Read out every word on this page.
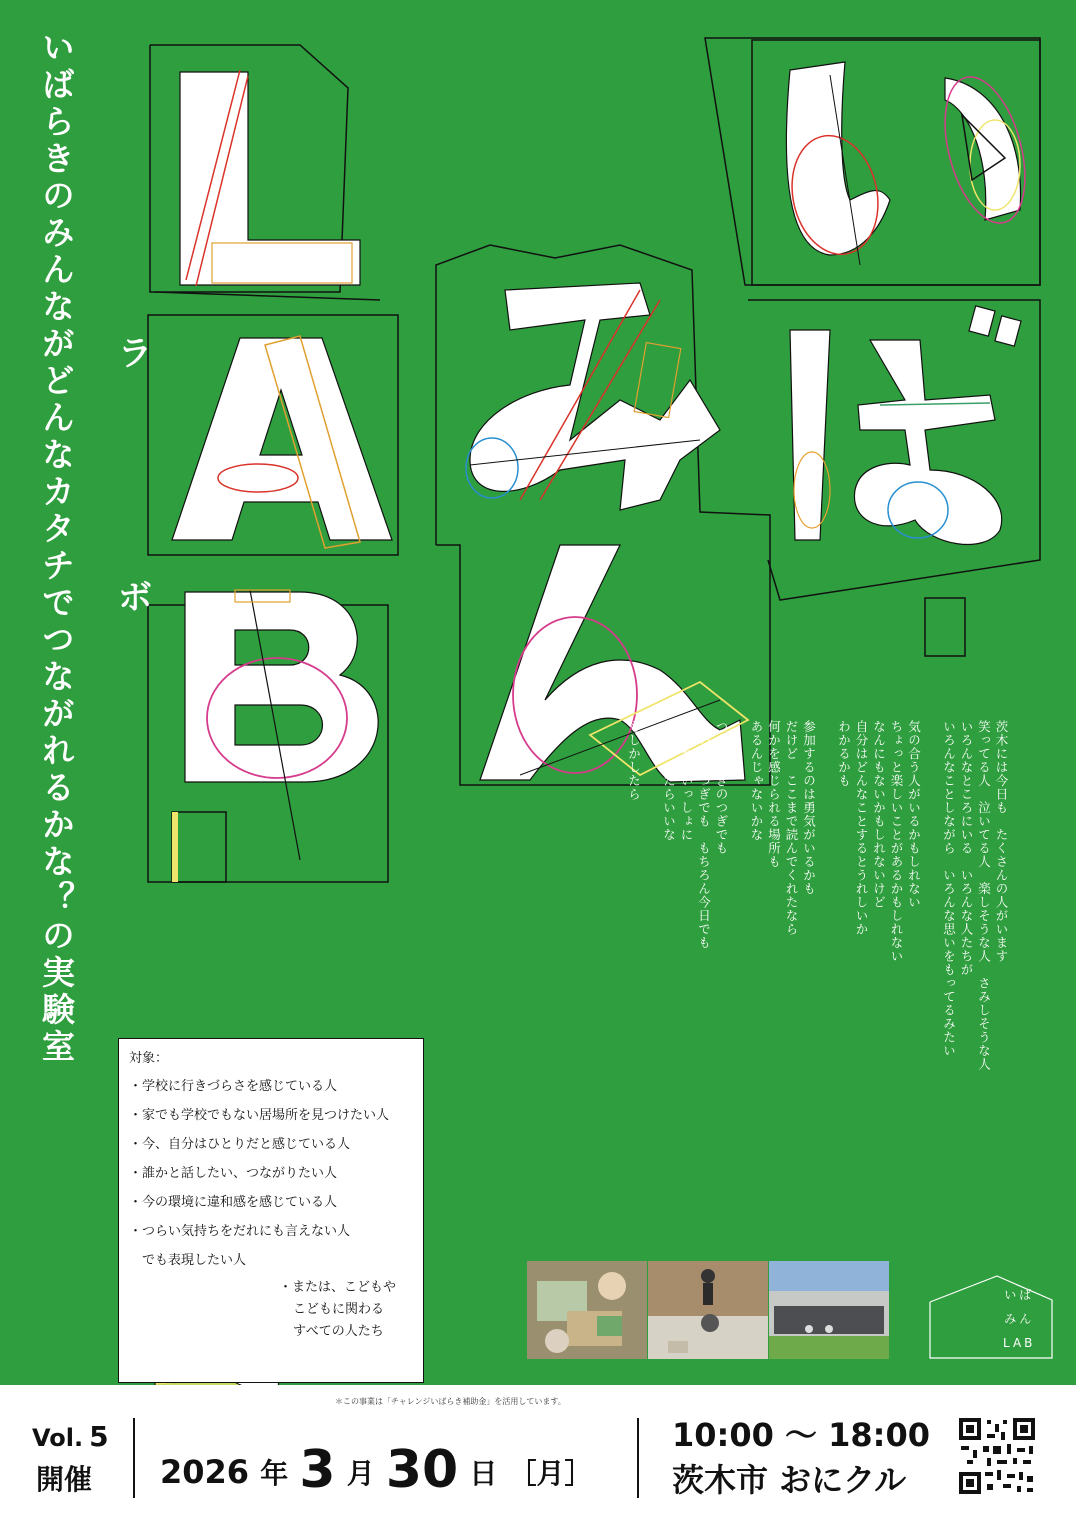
ラ
ボ
いばらきのみんながどんなカタチでつながれるかな？の実験室	茨木には今日も　たくさんの人がいます
笑ってる人　泣いてる人　楽しそうな人　さみしそうな人
いろんなところにいる　いろんな人たちが
いろんなことしながら　いろんな思いをもってるみたい

気の合う人がいるかもしれない
ちょっと楽しいことがあるかもしれない
なんにもないかもしれないけど
自分はどんなことするとうれしいか
わかるかも

参加するのは勇気がいるかも
だけど　ここまで読んでくれたなら
何かを感じられる場所も
あるんじゃないかな

つぎのつぎのつぎでも
そのまたつぎでも　もちろん今日でも
よければいっしょに
何かできたらいいな

もしかしたら
対象：
・学校に行きづらさを感じている人
・家でも学校でもない居場所を見つけたい人
・今、自分はひとりだと感じている人
・誰かと話したい、つながりたい人
・今の環境に違和感を感じている人
・つらい気持ちをだれにも言えない人
　でも表現したい人
・または、こどもや
こどもに関わる
すべての人たち
いば
みん
LAB
＊この事業は「チャレンジいばらき補助金」を活用しています。
Vol. 5
開催 2026 年 3 月 30 日 ［月］
10:00 〜 18:00
茨木市 おにクル
